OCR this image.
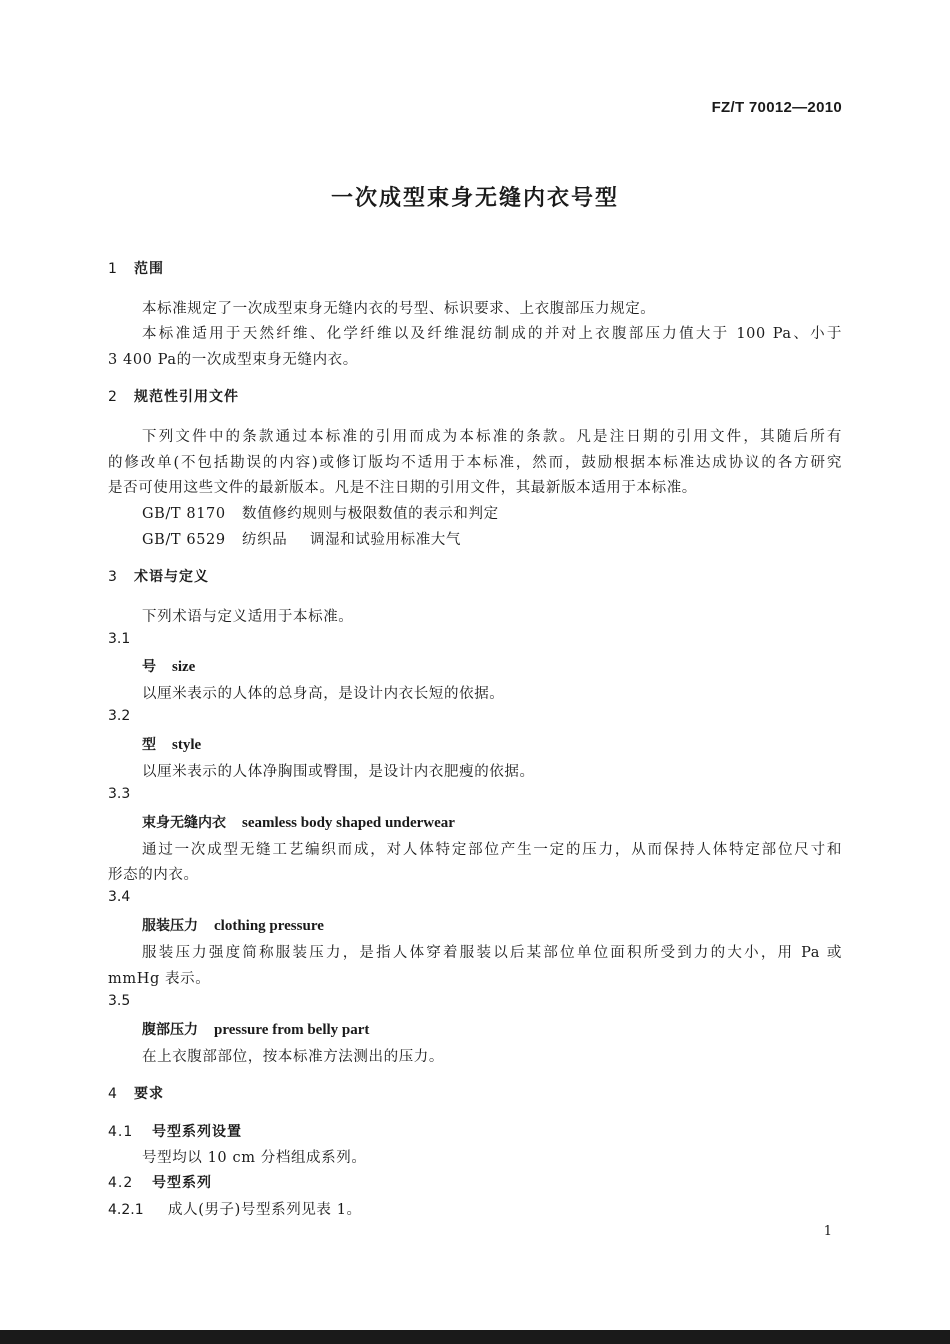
FZ/T 70012—2010
一次成型束身无缝内衣号型
1 范围
本标准规定了一次成型束身无缝内衣的号型、标识要求、上衣腹部压力规定。
本标准适用于天然纤维、化学纤维以及纤维混纺制成的并对上衣腹部压力值大于 100 Pa、小于
3 400 Pa的一次成型束身无缝内衣。
2 规范性引用文件
下列文件中的条款通过本标准的引用而成为本标准的条款。凡是注日期的引用文件，其随后所有
的修改单(不包括勘误的内容)或修订版均不适用于本标准，然而，鼓励根据本标准达成协议的各方研究
是否可使用这些文件的最新版本。凡是不注日期的引用文件，其最新版本适用于本标准。
GB/T 8170 数值修约规则与极限数值的表示和判定
GB/T 6529 纺织品 调湿和试验用标准大气
3 术语与定义
下列术语与定义适用于本标准。
3.1
号 size
以厘米表示的人体的总身高，是设计内衣长短的依据。
3.2
型 style
以厘米表示的人体净胸围或臀围，是设计内衣肥瘦的依据。
3.3
束身无缝内衣 seamless body shaped underwear
通过一次成型无缝工艺编织而成，对人体特定部位产生一定的压力，从而保持人体特定部位尺寸和
形态的内衣。
3.4
服装压力 clothing pressure
服装压力强度简称服装压力，是指人体穿着服装以后某部位单位面积所受到力的大小，用 Pa 或
mmHg 表示。
3.5
腹部压力 pressure from belly part
在上衣腹部部位，按本标准方法测出的压力。
4 要求
4.1 号型系列设置
号型均以 10 cm 分档组成系列。
4.2 号型系列
4.2.1 成人(男子)号型系列见表 1。
1
